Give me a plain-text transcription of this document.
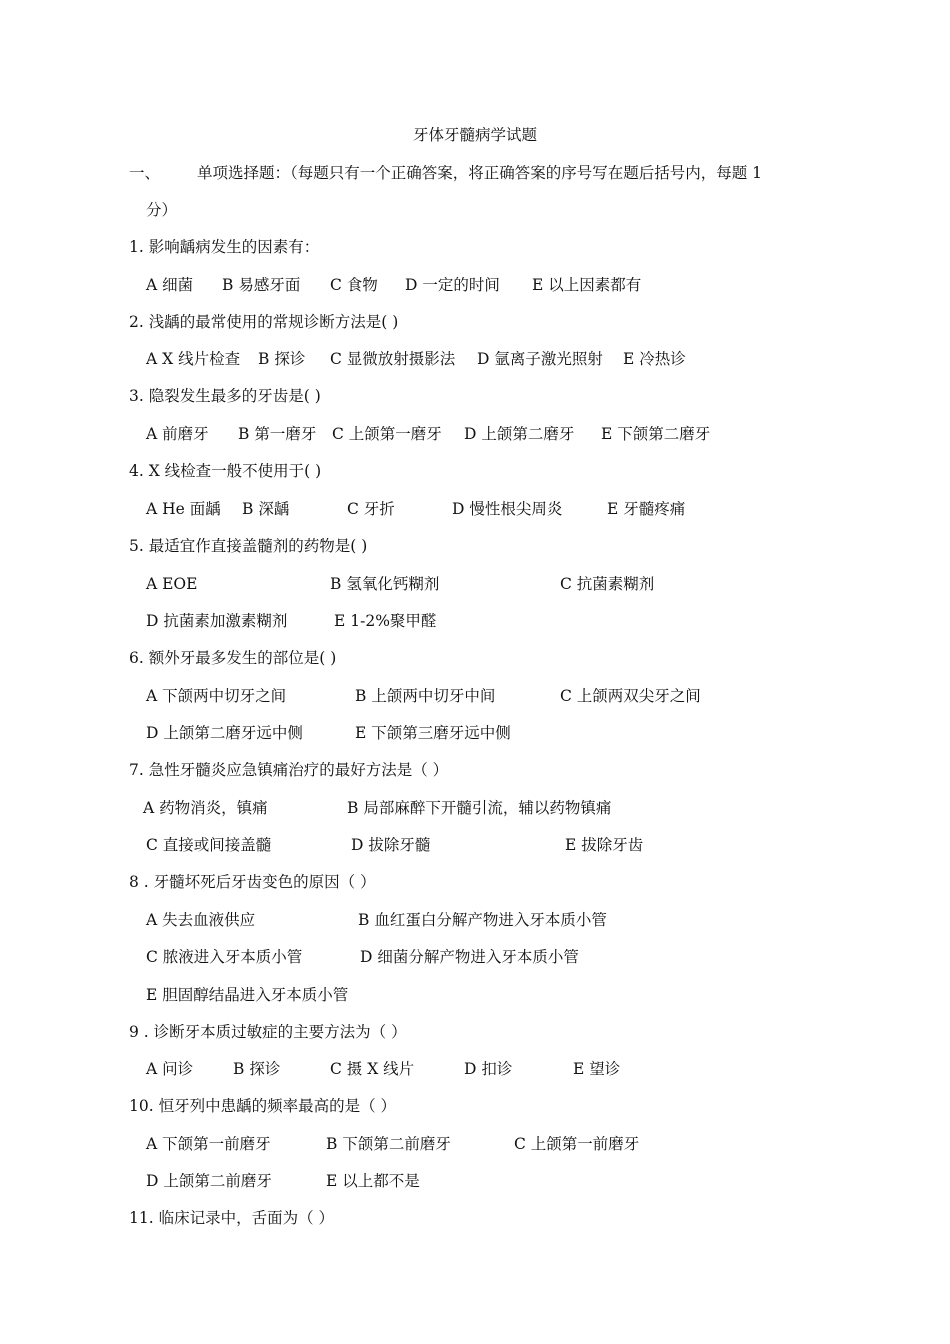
牙体牙髓病学试题
一、 单项选择题：（每题只有一个正确答案，将正确答案的序号写在题后括号内，每题 1
分）
1. 影响龋病发生的因素有：
A 细菌 B 易感牙面 C 食物 D 一定的时间 E 以上因素都有
2. 浅龋的最常使用的常规诊断方法是( )
A X 线片检查 B 探诊 C 显微放射摄影法 D 氩离子激光照射 E 冷热诊
3. 隐裂发生最多的牙齿是( )
A 前磨牙 B 第一磨牙 C 上颌第一磨牙 D 上颌第二磨牙 E 下颌第二磨牙
4. X 线检查一般不使用于( )
A He 面龋 B 深龋	C 牙折	D 慢性根尖周炎	E 牙髓疼痛
5. 最适宜作直接盖髓剂的药物是( )
A EOE	B 氢氧化钙糊剂	C 抗菌素糊剂
D 抗菌素加激素糊剂	E 1-2%聚甲醛
6. 额外牙最多发生的部位是( )
A 下颌两中切牙之间	B 上颌两中切牙中间	C 上颌两双尖牙之间
D 上颌第二磨牙远中侧	E 下颌第三磨牙远中侧
7. 急性牙髓炎应急镇痛治疗的最好方法是（ ）
A 药物消炎，镇痛	B 局部麻醉下开髓引流，辅以药物镇痛
C 直接或间接盖髓	D 拔除牙髓	E 拔除牙齿
8 . 牙髓坏死后牙齿变色的原因（ ）
A 失去血液供应	B 血红蛋白分解产物进入牙本质小管
C 脓液进入牙本质小管	D 细菌分解产物进入牙本质小管
E 胆固醇结晶进入牙本质小管
9 . 诊断牙本质过敏症的主要方法为（ ）
A 问诊	B 探诊	C 摄 X 线片	D 扣诊	E 望诊
10. 恒牙列中患龋的频率最高的是（ ）
A 下颌第一前磨牙	B 下颌第二前磨牙	C 上颌第一前磨牙
D 上颌第二前磨牙	E 以上都不是
11. 临床记录中，舌面为（ ）
